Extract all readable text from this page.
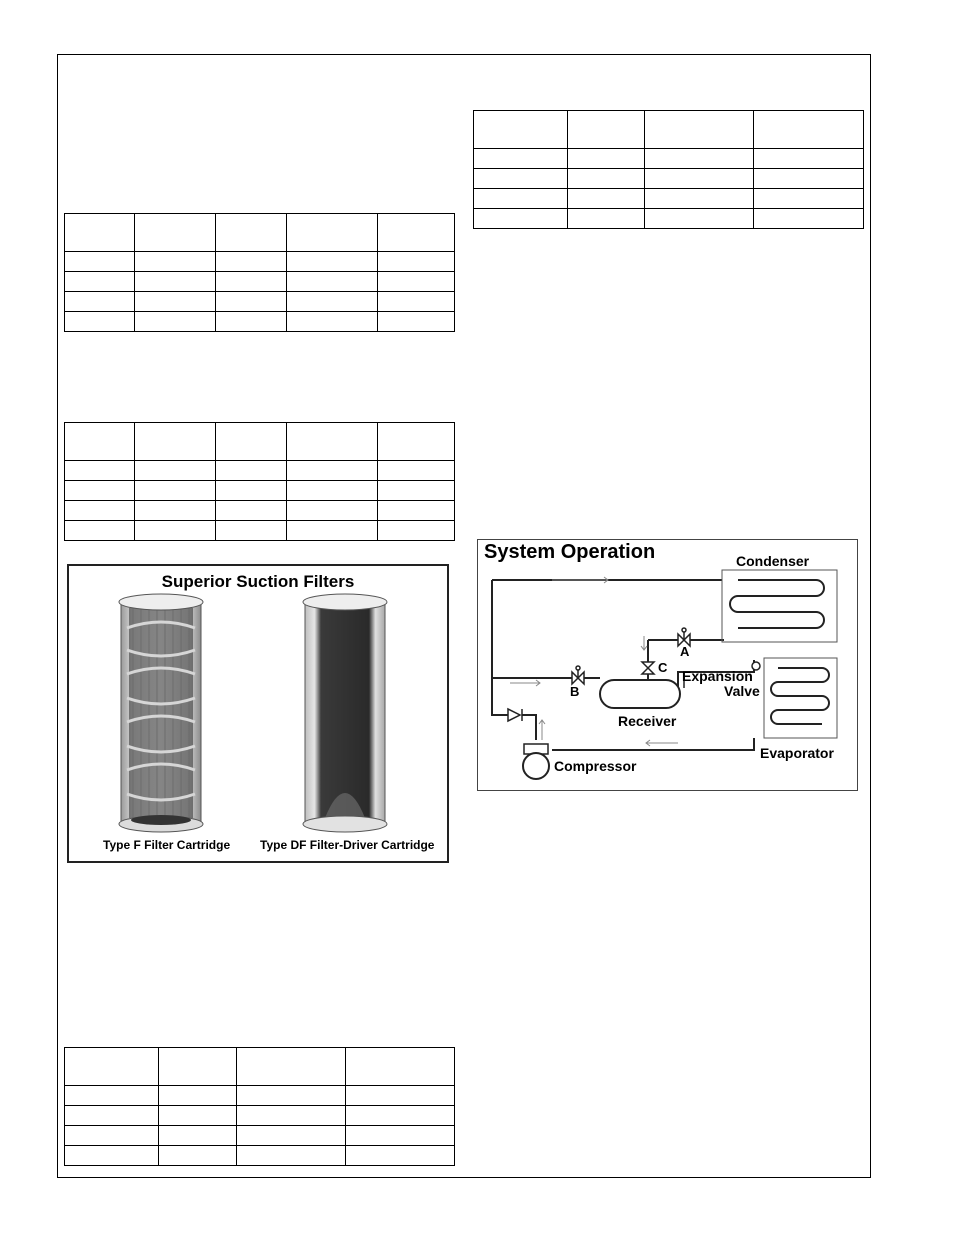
Superior Suction Filters
Type F Filter Cartridge Type DF Filter-Driver Cartridge
System Operation	Condenser
A
B
C
Expansion
Valve
Receiver
Evaporator
Compressor
